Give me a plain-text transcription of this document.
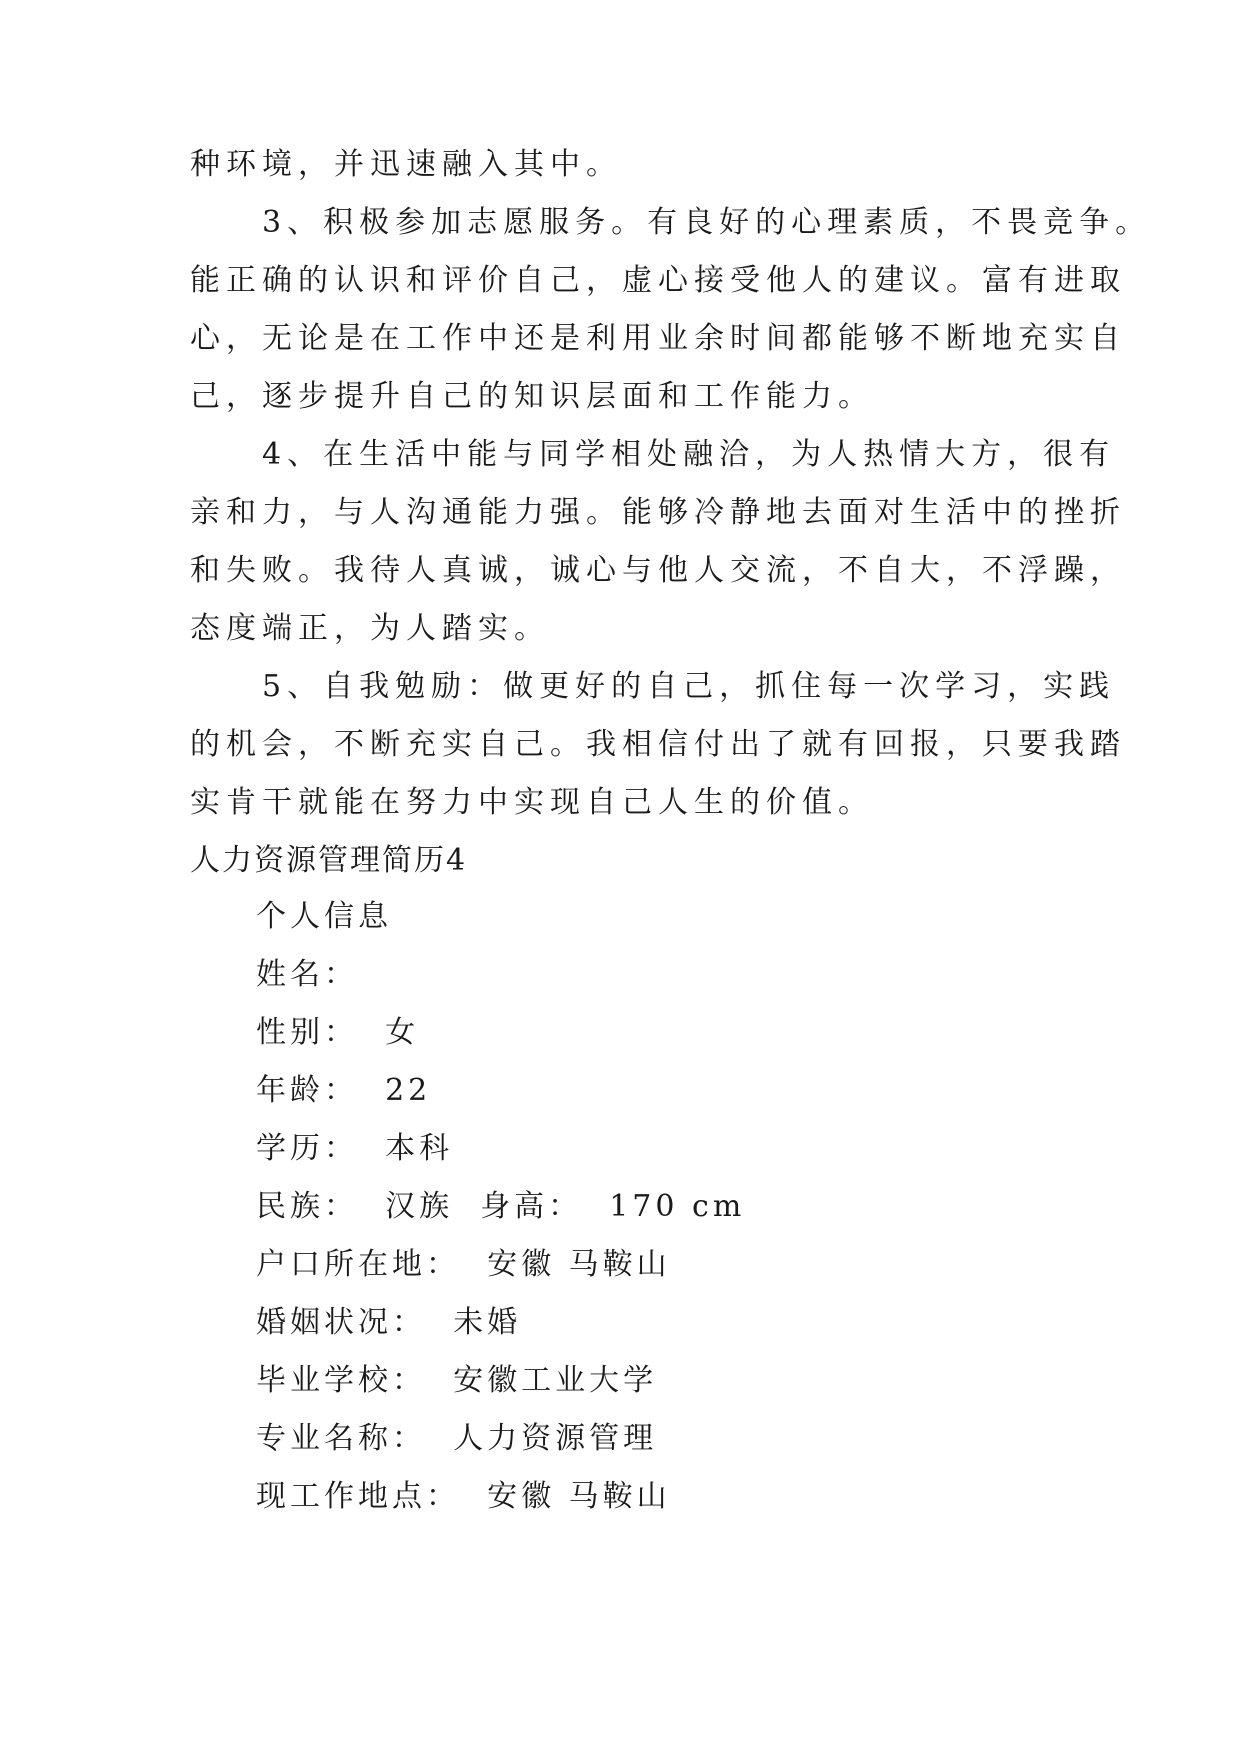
种环境，并迅速融入其中。

　　3、积极参加志愿服务。有良好的心理素质，不畏竞争。
能正确的认识和评价自己，虚心接受他人的建议。富有进取
心，无论是在工作中还是利用业余时间都能够不断地充实自
己，逐步提升自己的知识层面和工作能力。

　　4、在生活中能与同学相处融洽，为人热情大方，很有
亲和力，与人沟通能力强。能够冷静地去面对生活中的挫折
和失败。我待人真诚，诚心与他人交流，不自大，不浮躁，
态度端正，为人踏实。

　　5、自我勉励：做更好的自己，抓住每一次学习，实践
的机会，不断充实自己。我相信付出了就有回报，只要我踏
实肯干就能在努力中实现自己人生的价值。

人力资源管理简历4
个人信息
姓名：
性别：  女
年龄：  22
学历：  本科
民族：  汉族  身高：  170 cm
户口所在地：  安徽 马鞍山
婚姻状况：  未婚
毕业学校：  安徽工业大学
专业名称：  人力资源管理
现工作地点：  安徽 马鞍山
